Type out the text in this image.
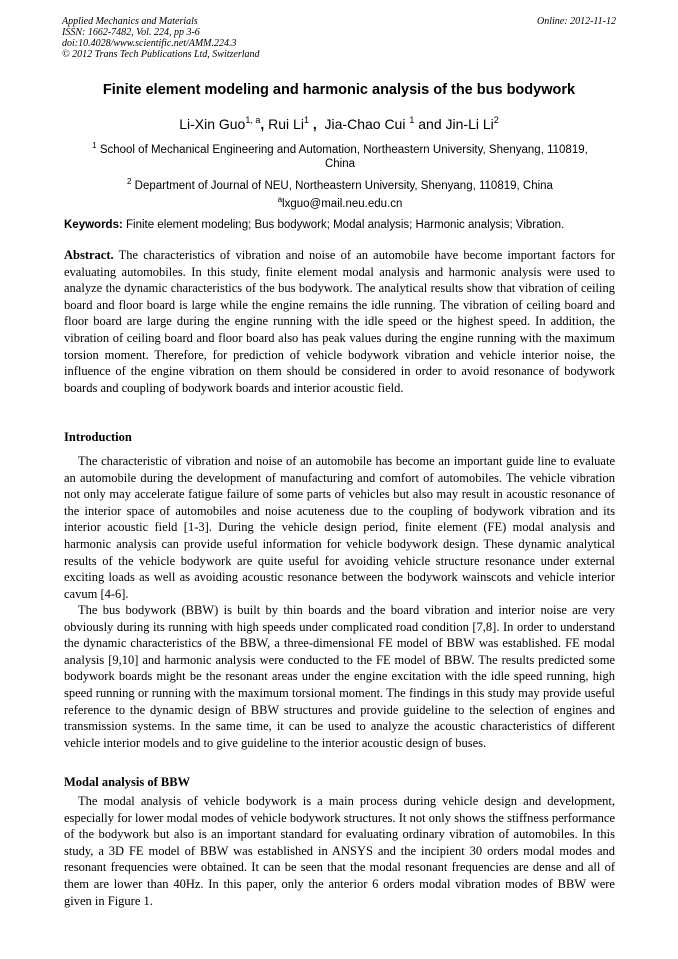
Applied Mechanics and Materials	Online: 2012-11-12
ISSN: 1662-7482, Vol. 224, pp 3-6
doi:10.4028/www.scientific.net/AMM.224.3
© 2012 Trans Tech Publications Ltd, Switzerland
Finite element modeling and harmonic analysis of the bus bodywork
Li-Xin Guo$^{1, a}$, Rui Li$^1$ ,  Jia-Chao Cui $^1$ and Jin-Li Li$^2$
$^1$ School of Mechanical Engineering and Automation, Northeastern University, Shenyang, 110819,
China
$^2$ Department of Journal of NEU, Northeastern University, Shenyang, 110819, China
$^a$lxguo@mail.neu.edu.cn
Keywords: Finite element modeling; Bus bodywork; Modal analysis; Harmonic analysis; Vibration.
Abstract. The characteristics of vibration and noise of an automobile have become important factors for evaluating automobiles. In this study, finite element modal analysis and harmonic analysis were used to analyze the dynamic characteristics of the bus bodywork. The analytical results show that vibration of ceiling board and floor board is large while the engine remains the idle running. The vibration of ceiling board and floor board are large during the engine running with the idle speed or the highest speed. In addition, the vibration of ceiling board and floor board also has peak values during the engine running with the maximum torsion moment. Therefore, for prediction of vehicle bodywork vibration and vehicle interior noise, the influence of the engine vibration on them should be considered in order to avoid resonance of bodywork boards and coupling of bodywork boards and interior acoustic field.
Introduction
The characteristic of vibration and noise of an automobile has become an important guide line to evaluate an automobile during the development of manufacturing and comfort of automobiles. The vehicle vibration not only may accelerate fatigue failure of some parts of vehicles but also may result in acoustic resonance of the interior space of automobiles and noise acuteness due to the coupling of bodywork vibration and its interior acoustic field [1-3]. During the vehicle design period, finite element (FE) modal analysis and harmonic analysis can provide useful information for vehicle bodywork design. These dynamic analytical results of the vehicle bodywork are quite useful for avoiding vehicle structure resonance under external exciting loads as well as avoiding acoustic resonance between the bodywork wainscots and vehicle interior cavum [4-6].
The bus bodywork (BBW) is built by thin boards and the board vibration and interior noise are very obviously during its running with high speeds under complicated road condition [7,8]. In order to understand the dynamic characteristics of the BBW, a three-dimensional FE model of BBW was established. FE modal analysis [9,10] and harmonic analysis were conducted to the FE model of BBW. The results predicted some bodywork boards might be the resonant areas under the engine excitation with the idle speed running, high speed running or running with the maximum torsional moment. The findings in this study may provide useful reference to the dynamic design of BBW structures and provide guideline to the selection of engines and transmission systems. In the same time, it can be used to analyze the acoustic characteristics of different vehicle interior models and to give guideline to the interior acoustic design of buses.
Modal analysis of BBW
The modal analysis of vehicle bodywork is a main process during vehicle design and development, especially for lower modal modes of vehicle bodywork structures. It not only shows the stiffness performance of the bodywork but also is an important standard for evaluating ordinary vibration of automobiles. In this study, a 3D FE model of BBW was established in ANSYS and the incipient 30 orders modal modes and resonant frequencies were obtained. It can be seen that the modal resonant frequencies are dense and all of them are lower than 40Hz. In this paper, only the anterior 6 orders modal vibration modes of BBW were given in Figure 1.
